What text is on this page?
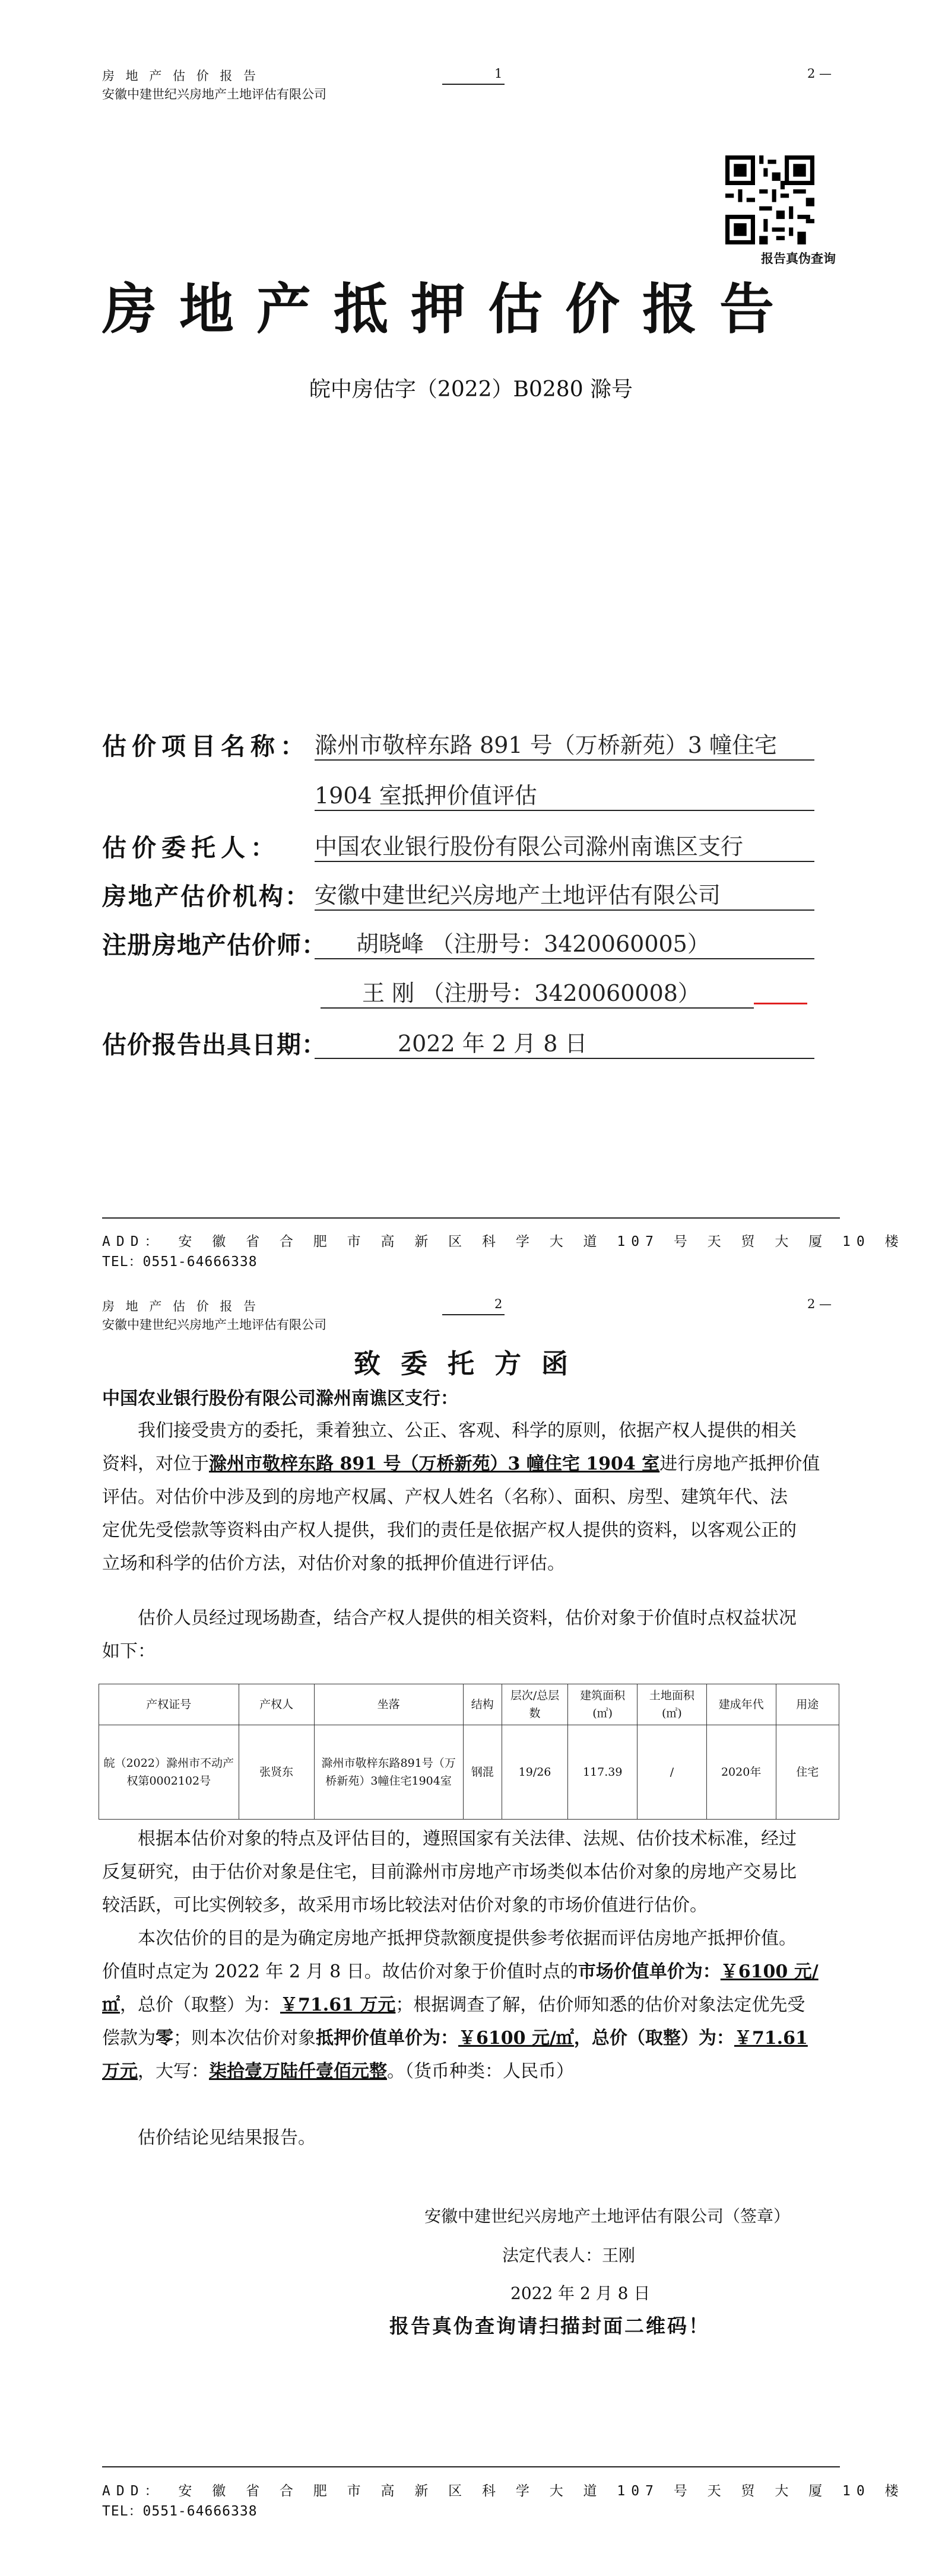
房 地 产 估 价 报 告
安徽中建世纪兴房地产土地评估有限公司
1	2 —
报告真伪查询
房地产抵押估价报告
皖中房估字（2022）B0280 滁号
估价项目名称： 滁州市敬梓东路 891 号（万桥新苑）3 幢住宅
1904 室抵押价值评估
估价委托人： 中国农业银行股份有限公司滁州南谯区支行
房地产估价机构： 安徽中建世纪兴房地产土地评估有限公司
注册房地产估价师：	胡晓峰 （注册号：3420060005）
王 刚 （注册号：3420060008）
估价报告出具日期：	2022 年 2 月 8 日
ADD： 安 徽 省 合 肥 市 高 新 区 科 学 大 道 107 号 天 贸 大 厦 10 楼
TEL：0551-64666338
房 地 产 估 价 报 告
安徽中建世纪兴房地产土地评估有限公司
2	2 —
致委托方函
中国农业银行股份有限公司滁州南谯区支行：
我们接受贵方的委托，秉着独立、公正、客观、科学的原则，依据产权人提供的相关
资料，对位于滁州市敬梓东路 891 号（万桥新苑）3 幢住宅 1904 室进行房地产抵押价值
评估。对估价中涉及到的房地产权属、产权人姓名（名称）、面积、房型、建筑年代、法
定优先受偿款等资料由产权人提供，我们的责任是依据产权人提供的资料，以客观公正的
立场和科学的估价方法，对估价对象的抵押价值进行评估。
估价人员经过现场勘查，结合产权人提供的相关资料，估价对象于价值时点权益状况
如下：
产权证号	产权人	坐落	结构	层次/总层数	建筑面积(㎡)	土地面积(㎡)	建成年代	用途
皖（2022）滁州市不动产权第0002102号	张贤东	滁州市敬梓东路891号（万桥新苑）3幢住宅1904室	钢混	19/26	117.39	/	2020年	住宅
根据本估价对象的特点及评估目的，遵照国家有关法律、法规、估价技术标准，经过
反复研究，由于估价对象是住宅，目前滁州市房地产市场类似本估价对象的房地产交易比
较活跃，可比实例较多，故采用市场比较法对估价对象的市场价值进行估价。
本次估价的目的是为确定房地产抵押贷款额度提供参考依据而评估房地产抵押价值。
价值时点定为 2022 年 2 月 8 日。故估价对象于价值时点的市场价值单价为：￥6100 元/
㎡，总价（取整）为：￥71.61 万元；根据调查了解，估价师知悉的估价对象法定优先受
偿款为零；则本次估价对象抵押价值单价为：￥6100 元/㎡，总价（取整）为：￥71.61
万元，大写：柒拾壹万陆仟壹佰元整。（货币种类：人民币）
估价结论见结果报告。
安徽中建世纪兴房地产土地评估有限公司（签章）
法定代表人：王刚
2022 年 2 月 8 日
报告真伪查询请扫描封面二维码！
ADD： 安 徽 省 合 肥 市 高 新 区 科 学 大 道 107 号 天 贸 大 厦 10 楼
TEL：0551-64666338
